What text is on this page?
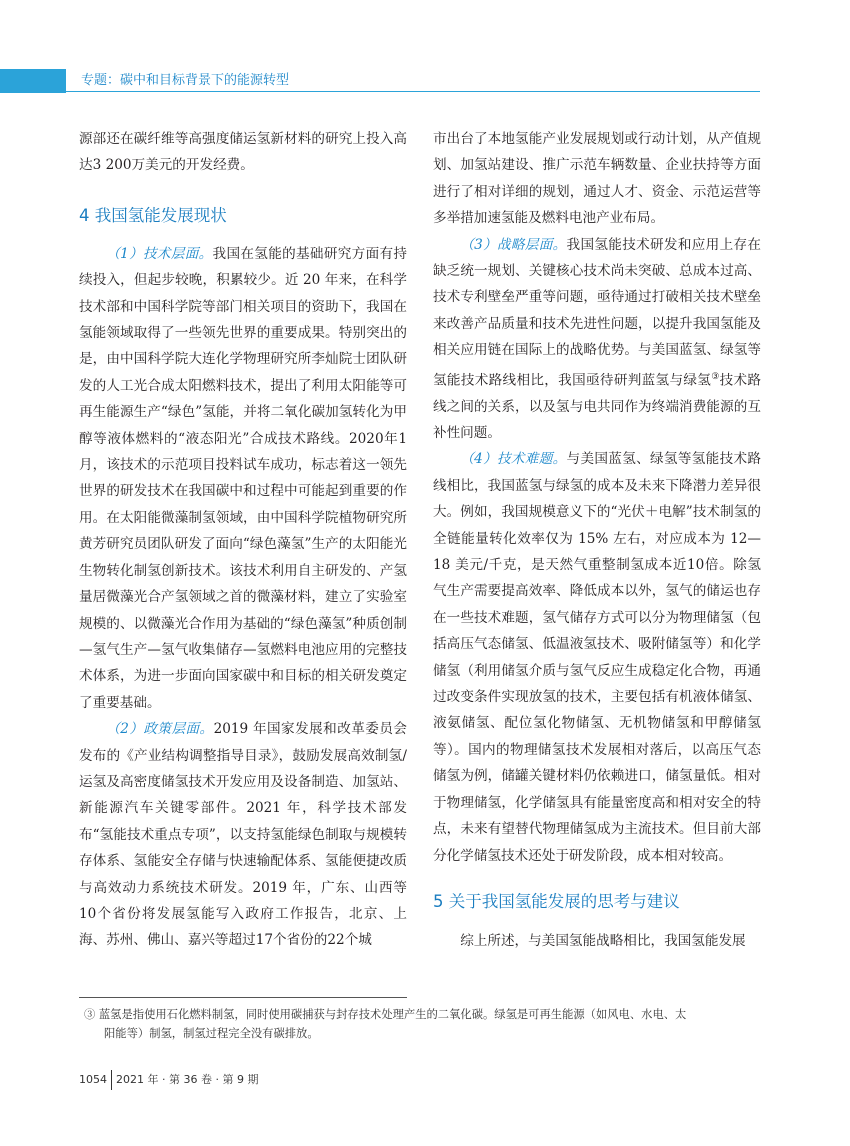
专题：碳中和目标背景下的能源转型

源部还在碳纤维等高强度储运氢新材料的研究上投入高达3 200万美元的开发经费。

4 我国氢能发展现状

（1）技术层面。我国在氢能的基础研究方面有持续投入，但起步较晚，积累较少。近 20 年来，在科学技术部和中国科学院等部门相关项目的资助下，我国在氢能领域取得了一些领先世界的重要成果。特别突出的是，由中国科学院大连化学物理研究所李灿院士团队研发的人工光合成太阳燃料技术，提出了利用太阳能等可再生能源生产“绿色”氢能，并将二氧化碳加氢转化为甲醇等液体燃料的“液态阳光”合成技术路线。2020年1月，该技术的示范项目投料试车成功，标志着这一领先世界的研发技术在我国碳中和过程中可能起到重要的作用。在太阳能微藻制氢领域，由中国科学院植物研究所黄芳研究员团队研发了面向“绿色藻氢”生产的太阳能光生物转化制氢创新技术。该技术利用自主研发的、产氢量居微藻光合产氢领域之首的微藻材料，建立了实验室规模的、以微藻光合作用为基础的“绿色藻氢”种质创制—氢气生产—氢气收集储存—氢燃料电池应用的完整技术体系，为进一步面向国家碳中和目标的相关研发奠定了重要基础。

（2）政策层面。2019 年国家发展和改革委员会发布的《产业结构调整指导目录》，鼓励发展高效制氢/运氢及高密度储氢技术开发应用及设备制造、加氢站、新能源汽车关键零部件。2021 年，科学技术部发布“氢能技术重点专项”，以支持氢能绿色制取与规模转存体系、氢能安全存储与快速输配体系、氢能便捷改质与高效动力系统技术研发。2019 年，广东、山西等10个省份将发展氢能写入政府工作报告，北京、上海、苏州、佛山、嘉兴等超过17个省份的22个城

市出台了本地氢能产业发展规划或行动计划，从产值规划、加氢站建设、推广示范车辆数量、企业扶持等方面进行了相对详细的规划，通过人才、资金、示范运营等多举措加速氢能及燃料电池产业布局。

（3）战略层面。我国氢能技术研发和应用上存在缺乏统一规划、关键核心技术尚未突破、总成本过高、技术专利壁垒严重等问题，亟待通过打破相关技术壁垒来改善产品质量和技术先进性问题，以提升我国氢能及相关应用链在国际上的战略优势。与美国蓝氢、绿氢等氢能技术路线相比，我国亟待研判蓝氢与绿氢③技术路线之间的关系，以及氢与电共同作为终端消费能源的互补性问题。

（4）技术难题。与美国蓝氢、绿氢等氢能技术路线相比，我国蓝氢与绿氢的成本及未来下降潜力差异很大。例如，我国规模意义下的“光伏＋电解”技术制氢的全链能量转化效率仅为 15% 左右，对应成本为 12—18 美元/千克，是天然气重整制氢成本近10倍。除氢气生产需要提高效率、降低成本以外，氢气的储运也存在一些技术难题，氢气储存方式可以分为物理储氢（包括高压气态储氢、低温液氢技术、吸附储氢等）和化学储氢（利用储氢介质与氢气反应生成稳定化合物，再通过改变条件实现放氢的技术，主要包括有机液体储氢、液氨储氢、配位氢化物储氢、无机物储氢和甲醇储氢等）。国内的物理储氢技术发展相对落后，以高压气态储氢为例，储罐关键材料仍依赖进口，储氢量低。相对于物理储氢，化学储氢具有能量密度高和相对安全的特点，未来有望替代物理储氢成为主流技术。但目前大部分化学储氢技术还处于研发阶段，成本相对较高。

5 关于我国氢能发展的思考与建议

综上所述，与美国氢能战略相比，我国氢能发展

③ 蓝氢是指使用石化燃料制氢，同时使用碳捕获与封存技术处理产生的二氧化碳。绿氢是可再生能源（如风电、水电、太
阳能等）制氢，制氢过程完全没有碳排放。
1054 2021 年 · 第 36 卷 · 第 9 期
